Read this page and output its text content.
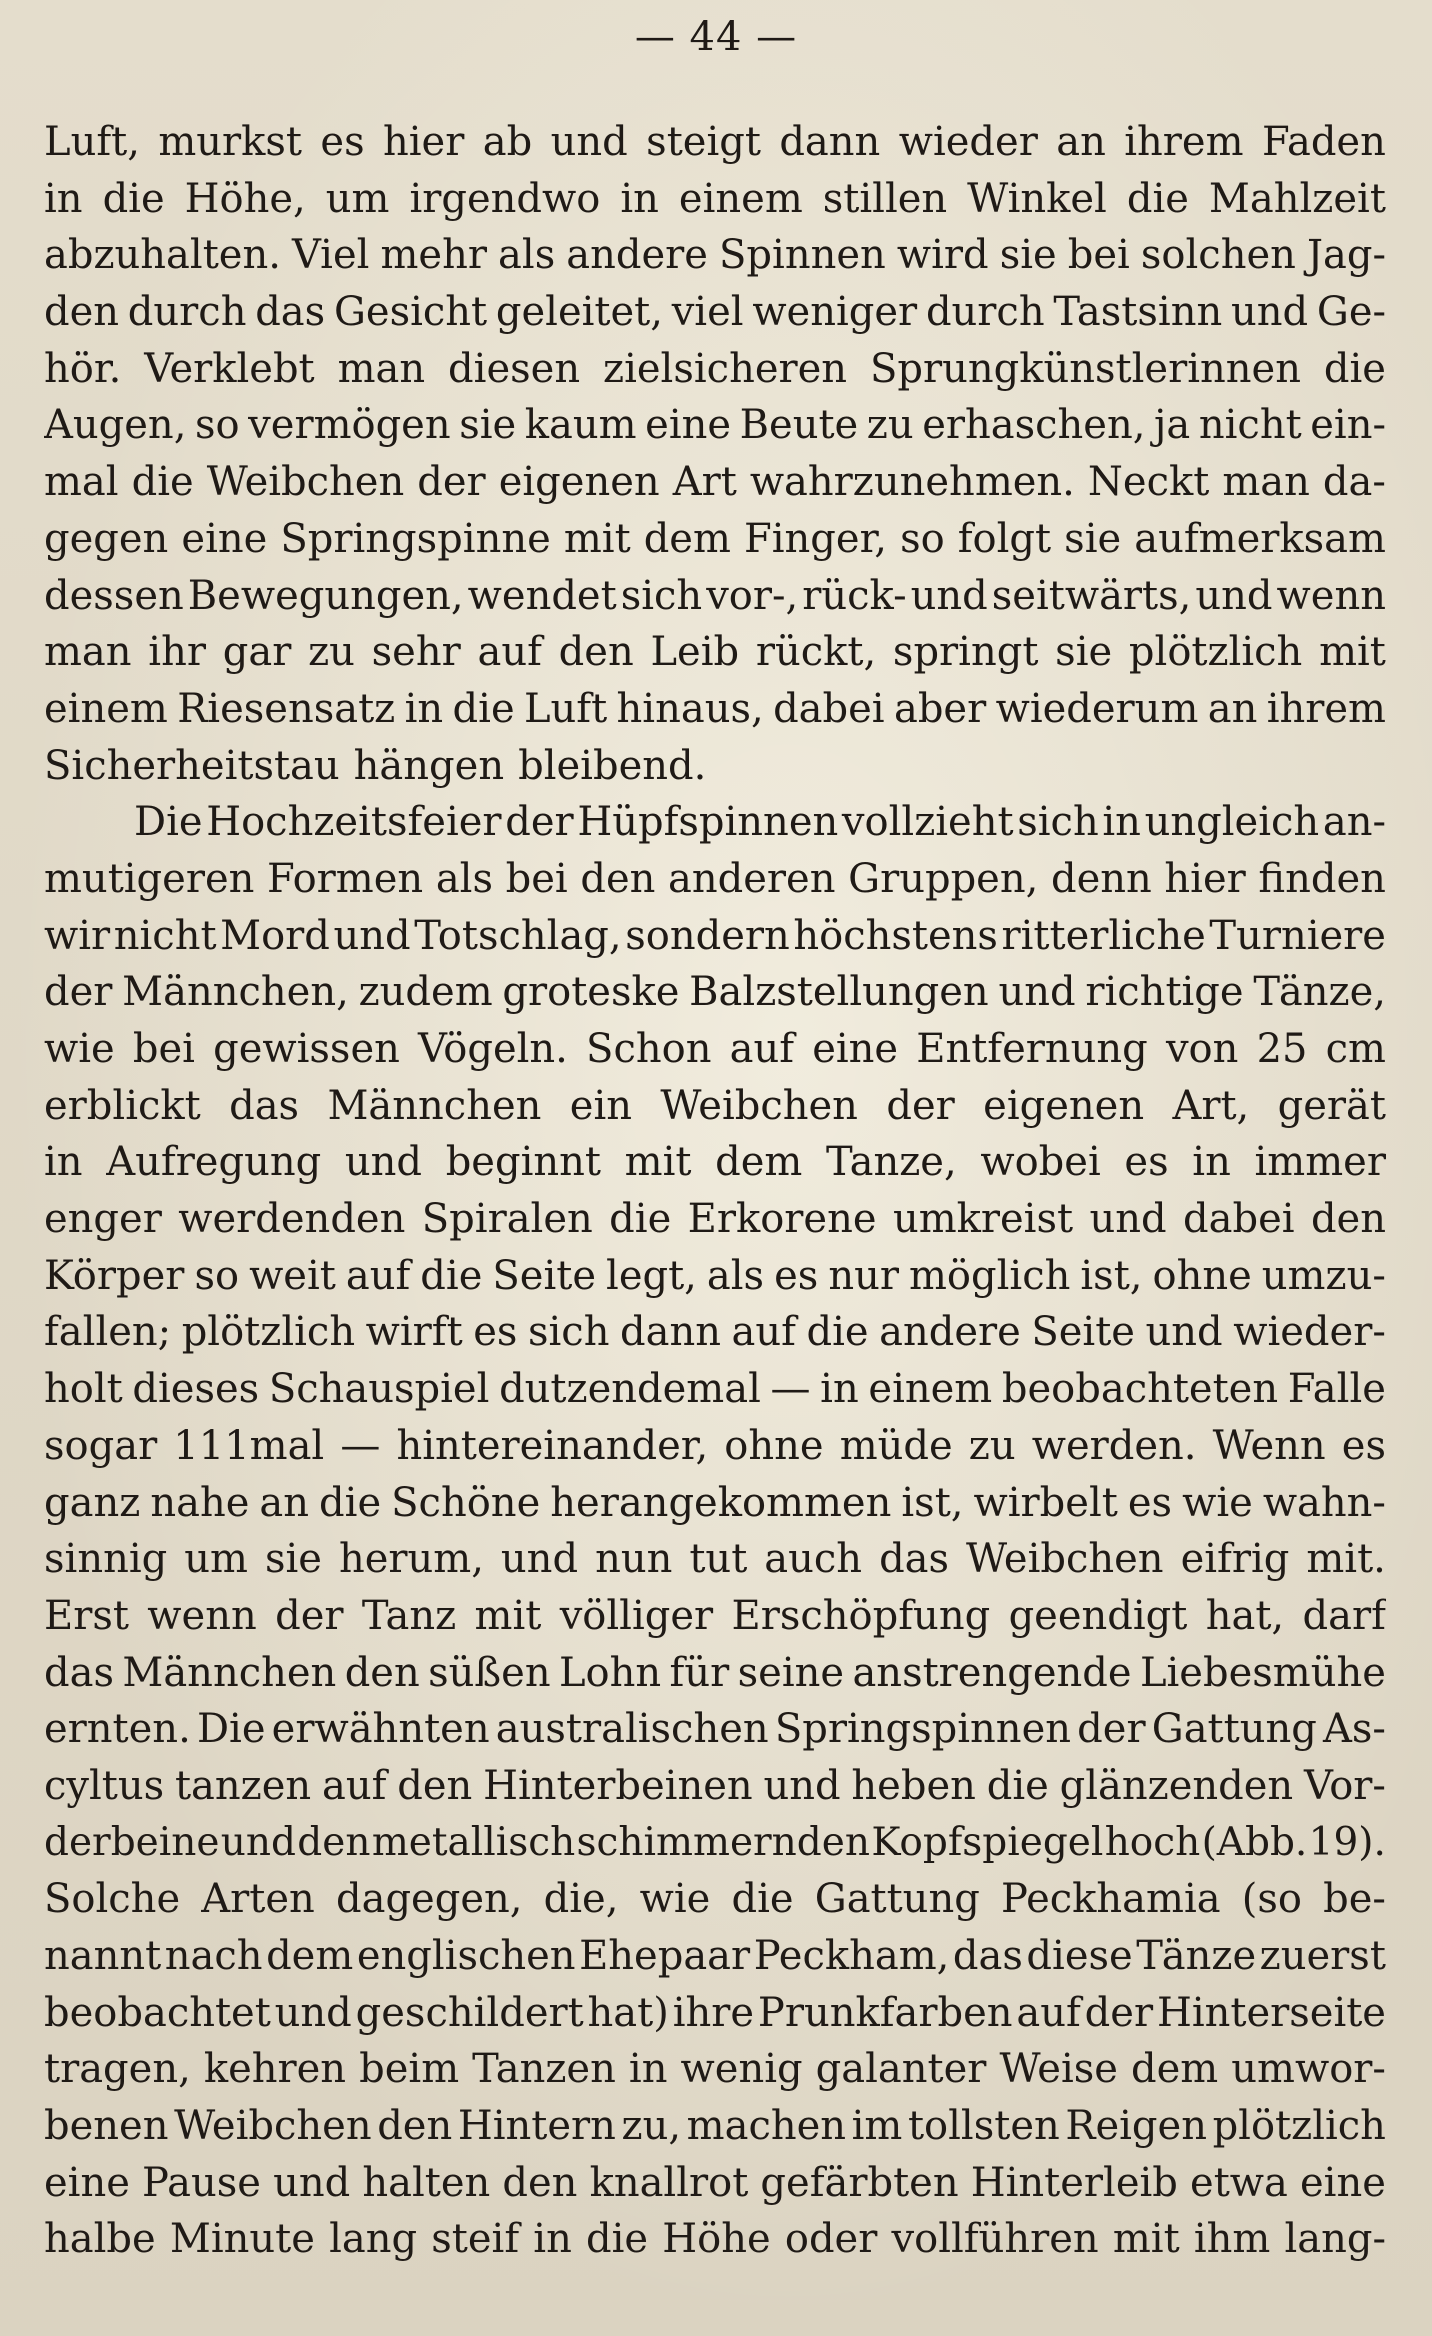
— 44 —
Luft, murkst es hier ab und steigt dann wieder an ihrem Faden
in die Höhe, um irgendwo in einem stillen Winkel die Mahlzeit
abzuhalten. Viel mehr als andere Spinnen wird sie bei solchen Jag-
den durch das Gesicht geleitet, viel weniger durch Tastsinn und Ge-
hör. Verklebt man diesen zielsicheren Sprungkünstlerinnen die
Augen, so vermögen sie kaum eine Beute zu erhaschen, ja nicht ein-
mal die Weibchen der eigenen Art wahrzunehmen. Neckt man da-
gegen eine Springspinne mit dem Finger, so folgt sie aufmerksam
dessen Bewegungen, wendet sich vor-, rück- und seitwärts, und wenn
man ihr gar zu sehr auf den Leib rückt, springt sie plötzlich mit
einem Riesensatz in die Luft hinaus, dabei aber wiederum an ihrem
Sicherheitstau hängen bleibend.
Die Hochzeitsfeier der Hüpfspinnen vollzieht sich in ungleich an-
mutigeren Formen als bei den anderen Gruppen, denn hier finden
wir nicht Mord und Totschlag, sondern höchstens ritterliche Turniere
der Männchen, zudem groteske Balzstellungen und richtige Tänze,
wie bei gewissen Vögeln. Schon auf eine Entfernung von 25 cm
erblickt das Männchen ein Weibchen der eigenen Art, gerät
in Aufregung und beginnt mit dem Tanze, wobei es in immer
enger werdenden Spiralen die Erkorene umkreist und dabei den
Körper so weit auf die Seite legt, als es nur möglich ist, ohne umzu-
fallen; plötzlich wirft es sich dann auf die andere Seite und wieder-
holt dieses Schauspiel dutzendemal — in einem beobachteten Falle
sogar 111mal — hintereinander, ohne müde zu werden. Wenn es
ganz nahe an die Schöne herangekommen ist, wirbelt es wie wahn-
sinnig um sie herum, und nun tut auch das Weibchen eifrig mit.
Erst wenn der Tanz mit völliger Erschöpfung geendigt hat, darf
das Männchen den süßen Lohn für seine anstrengende Liebesmühe
ernten. Die erwähnten australischen Springspinnen der Gattung As-
cyltus tanzen auf den Hinterbeinen und heben die glänzenden Vor-
derbeine und den metallisch schimmernden Kopfspiegel hoch (Abb. 19).
Solche Arten dagegen, die, wie die Gattung Peckhamia (so be-
nannt nach dem englischen Ehepaar Peckham, das diese Tänze zuerst
beobachtet und geschildert hat) ihre Prunkfarben auf der Hinterseite
tragen, kehren beim Tanzen in wenig galanter Weise dem umwor-
benen Weibchen den Hintern zu, machen im tollsten Reigen plötzlich
eine Pause und halten den knallrot gefärbten Hinterleib etwa eine
halbe Minute lang steif in die Höhe oder vollführen mit ihm lang-
